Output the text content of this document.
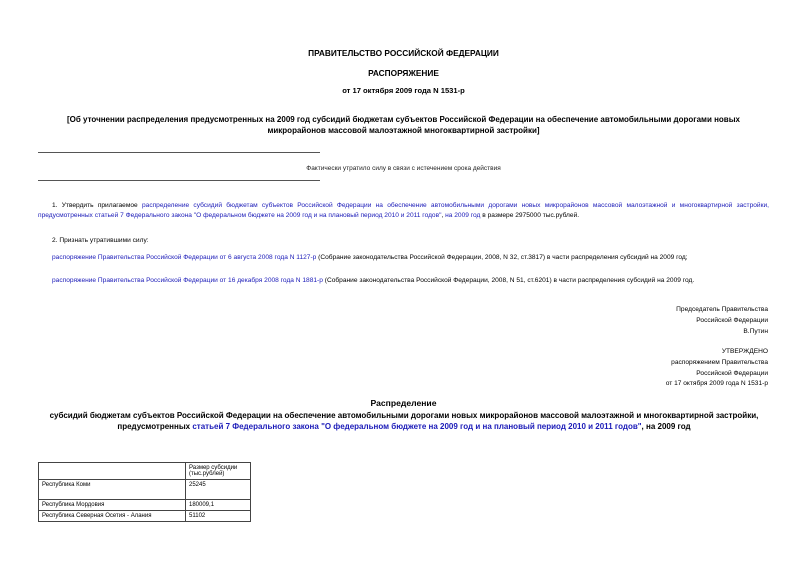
ПРАВИТЕЛЬСТВО РОССИЙСКОЙ ФЕДЕРАЦИИ
РАСПОРЯЖЕНИЕ
от 17 октября 2009 года N 1531-р
[Об уточнении распределения предусмотренных на 2009 год субсидий бюджетам субъектов Российской Федерации на обеспечение автомобильными дорогами новых микрорайонов массовой малоэтажной многоквартирной застройки]
Фактически утратило силу в связи с истечением срока действия
1. Утвердить прилагаемое распределение субсидий бюджетам субъектов Российской Федерации на обеспечение автомобильными дорогами новых микрорайонов массовой малоэтажной и многоквартирной застройки, предусмотренных статьей 7 Федерального закона "О федеральном бюджете на 2009 год и на плановый период 2010 и 2011 годов", на 2009 год в размере 2975000 тыс.рублей.
2. Признать утратившими силу:
распоряжение Правительства Российской Федерации от 6 августа 2008 года N 1127-р (Собрание законодательства Российской Федерации, 2008, N 32, ст.3817) в части распределения субсидий на 2009 год;
распоряжение Правительства Российской Федерации от 16 декабря 2008 года N 1881-р (Собрание законодательства Российской Федерации, 2008, N 51, ст.6201) в части распределения субсидий на 2009 год.
Председатель Правительства
Российской Федерации
В.Путин
УТВЕРЖДЕНО
распоряжением Правительства
Российской Федерации
от 17 октября 2009 года N 1531-р
Распределение
субсидий бюджетам субъектов Российской Федерации на обеспечение автомобильными дорогами новых микрорайонов массовой малоэтажной и многоквартирной застройки, предусмотренных статьей 7 Федерального закона "О федеральном бюджете на 2009 год и на плановый период 2010 и 2011 годов", на 2009 год
	Размер субсидии (тыс.рублей)
Республика Коми	25245
Республика Мордовия	180009,1
Республика Северная Осетия - Алания	51102
